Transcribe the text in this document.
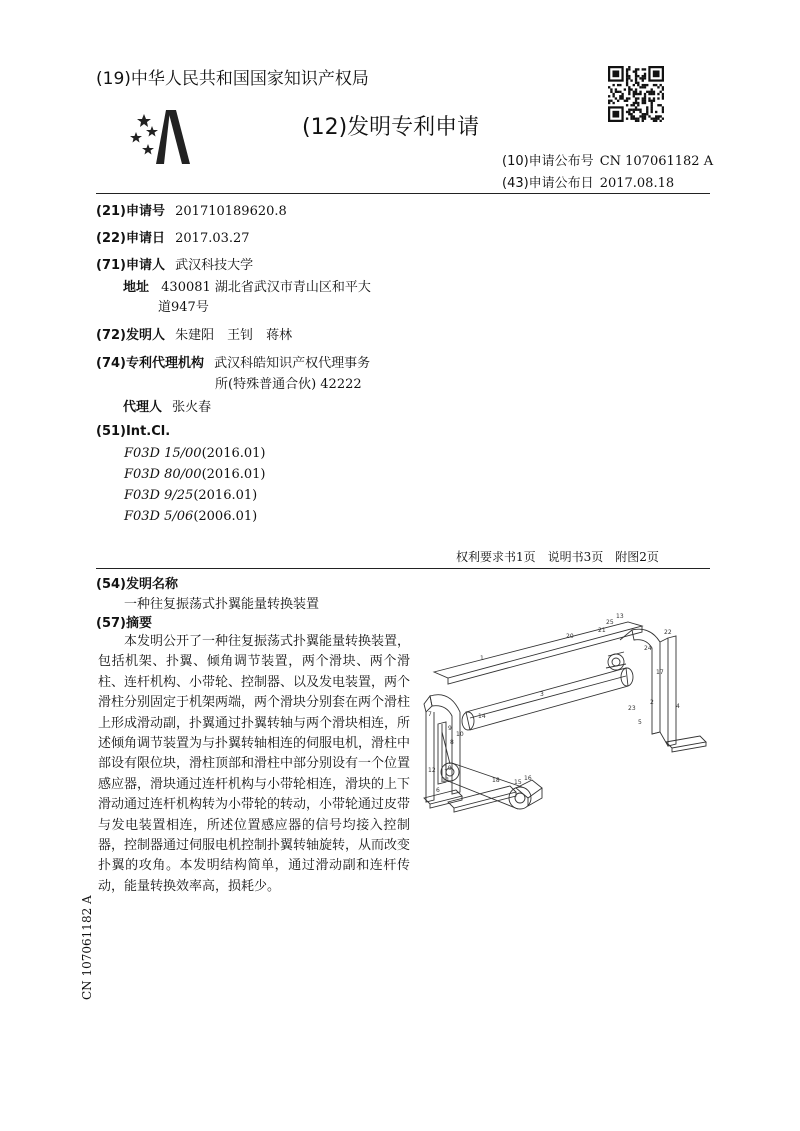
(19)中华人民共和国国家知识产权局
(12)发明专利申请
(10)申请公布号 CN 107061182 A
(43)申请公布日 2017.08.18
(21)申请号 201710189620.8
(22)申请日 2017.03.27
(71)申请人 武汉科技大学
地址 430081 湖北省武汉市青山区和平大
道947号
(72)发明人 朱建阳　王钊　蒋林
(74)专利代理机构 武汉科皓知识产权代理事务
所(特殊普通合伙) 42222
代理人 张火春
(51)Int.Cl.
F03D 15/00(2016.01)
F03D 80/00(2016.01)
F03D 9/25(2016.01)
F03D 5/06(2006.01)
权利要求书1页　说明书3页　附图2页
(54)发明名称
一种往复振荡式扑翼能量转换装置
(57)摘要
本发明公开了一种往复振荡式扑翼能量转换装置，包括机架、扑翼、倾角调节装置，两个滑块、两个滑柱、连杆机构、小带轮、控制器、以及发电装置，两个滑柱分别固定于机架两端，两个滑块分别套在两个滑柱上形成滑动副，扑翼通过扑翼转轴与两个滑块相连，所述倾角调节装置为与扑翼转轴相连的伺服电机，滑柱中部设有限位块，滑柱顶部和滑柱中部分别设有一个位置感应器，滑块通过连杆机构与小带轮相连，滑块的上下滑动通过连杆机构转为小带轮的转动，小带轮通过皮带与发电装置相连，所述位置感应器的信号均接入控制器，控制器通过伺服电机控制扑翼转轴旋转，从而改变扑翼的攻角。本发明结构简单，通过滑动副和连杆传动，能量转换效率高，损耗少。
1
2
3
4
5
6
7
8
9
10
11
12
13
14
15
16
17
18
19
20
21	22
23
24
25
CN 107061182 A
